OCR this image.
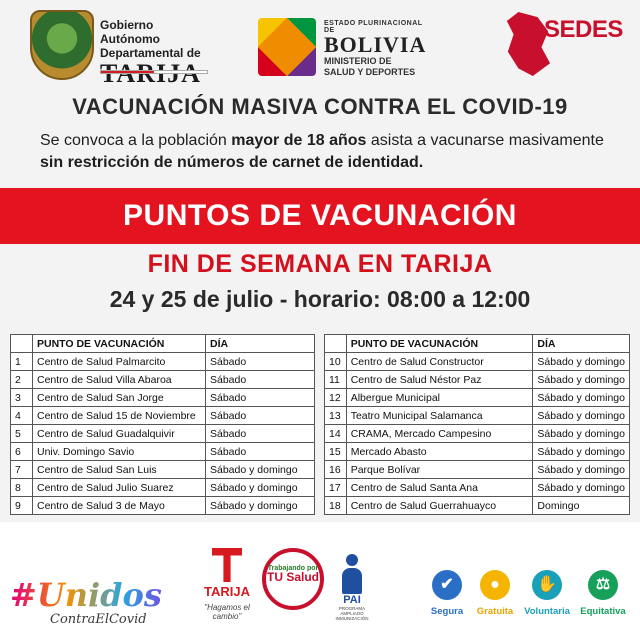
Gobierno Autónomo
Departamental de
ESTADO PLURINACIONAL DE
BOLIVIA
MINISTERIO DE
SALUD Y DEPORTES
SEDES
VACUNACIÓN MASIVA CONTRA EL COVID-19
Se convoca a la población mayor de 18 años asista a vacunarse masivamente
sin restricción de números de carnet de identidad.
PUNTOS DE VACUNACIÓN
FIN DE SEMANA EN TARIJA
24 y 25 de julio - horario: 08:00 a 12:00
	PUNTO DE VACUNACIÓN	DÍA
1	Centro de Salud Palmarcito	Sábado
2	Centro de Salud Villa Abaroa	Sábado
3	Centro de Salud San Jorge	Sábado
4	Centro de Salud 15 de Noviembre	Sábado
5	Centro de Salud Guadalquivir	Sábado
6	Univ. Domingo Savio	Sábado
7	Centro de Salud San Luis	Sábado y domingo
8	Centro de Salud Julio Suarez	Sábado y domingo
9	Centro de Salud 3 de Mayo	Sábado y domingo
	PUNTO DE VACUNACIÓN	DÍA
10	Centro de Salud Constructor	Sábado y domingo
11	Centro de Salud Néstor Paz	Sábado y domingo
12	Albergue Municipal	Sábado y domingo
13	Teatro Municipal Salamanca	Sábado y domingo
14	CRAMA, Mercado Campesino	Sábado y domingo
15	Mercado Abasto	Sábado y domingo
16	Parque Bolívar	Sábado y domingo
17	Centro de Salud Santa Ana	Sábado y domingo
18	Centro de Salud Guerrahuayco	Domingo
#Unidos
ContraElCovid
TARIJA
"Hagamos el cambio"
Trabajando por
TU Salud
PAI
PROGRAMA AMPLIADO INMUNIZACIÓN
✔
Segura
●
Gratuita
✋
Voluntaria
⚖
Equitativa
